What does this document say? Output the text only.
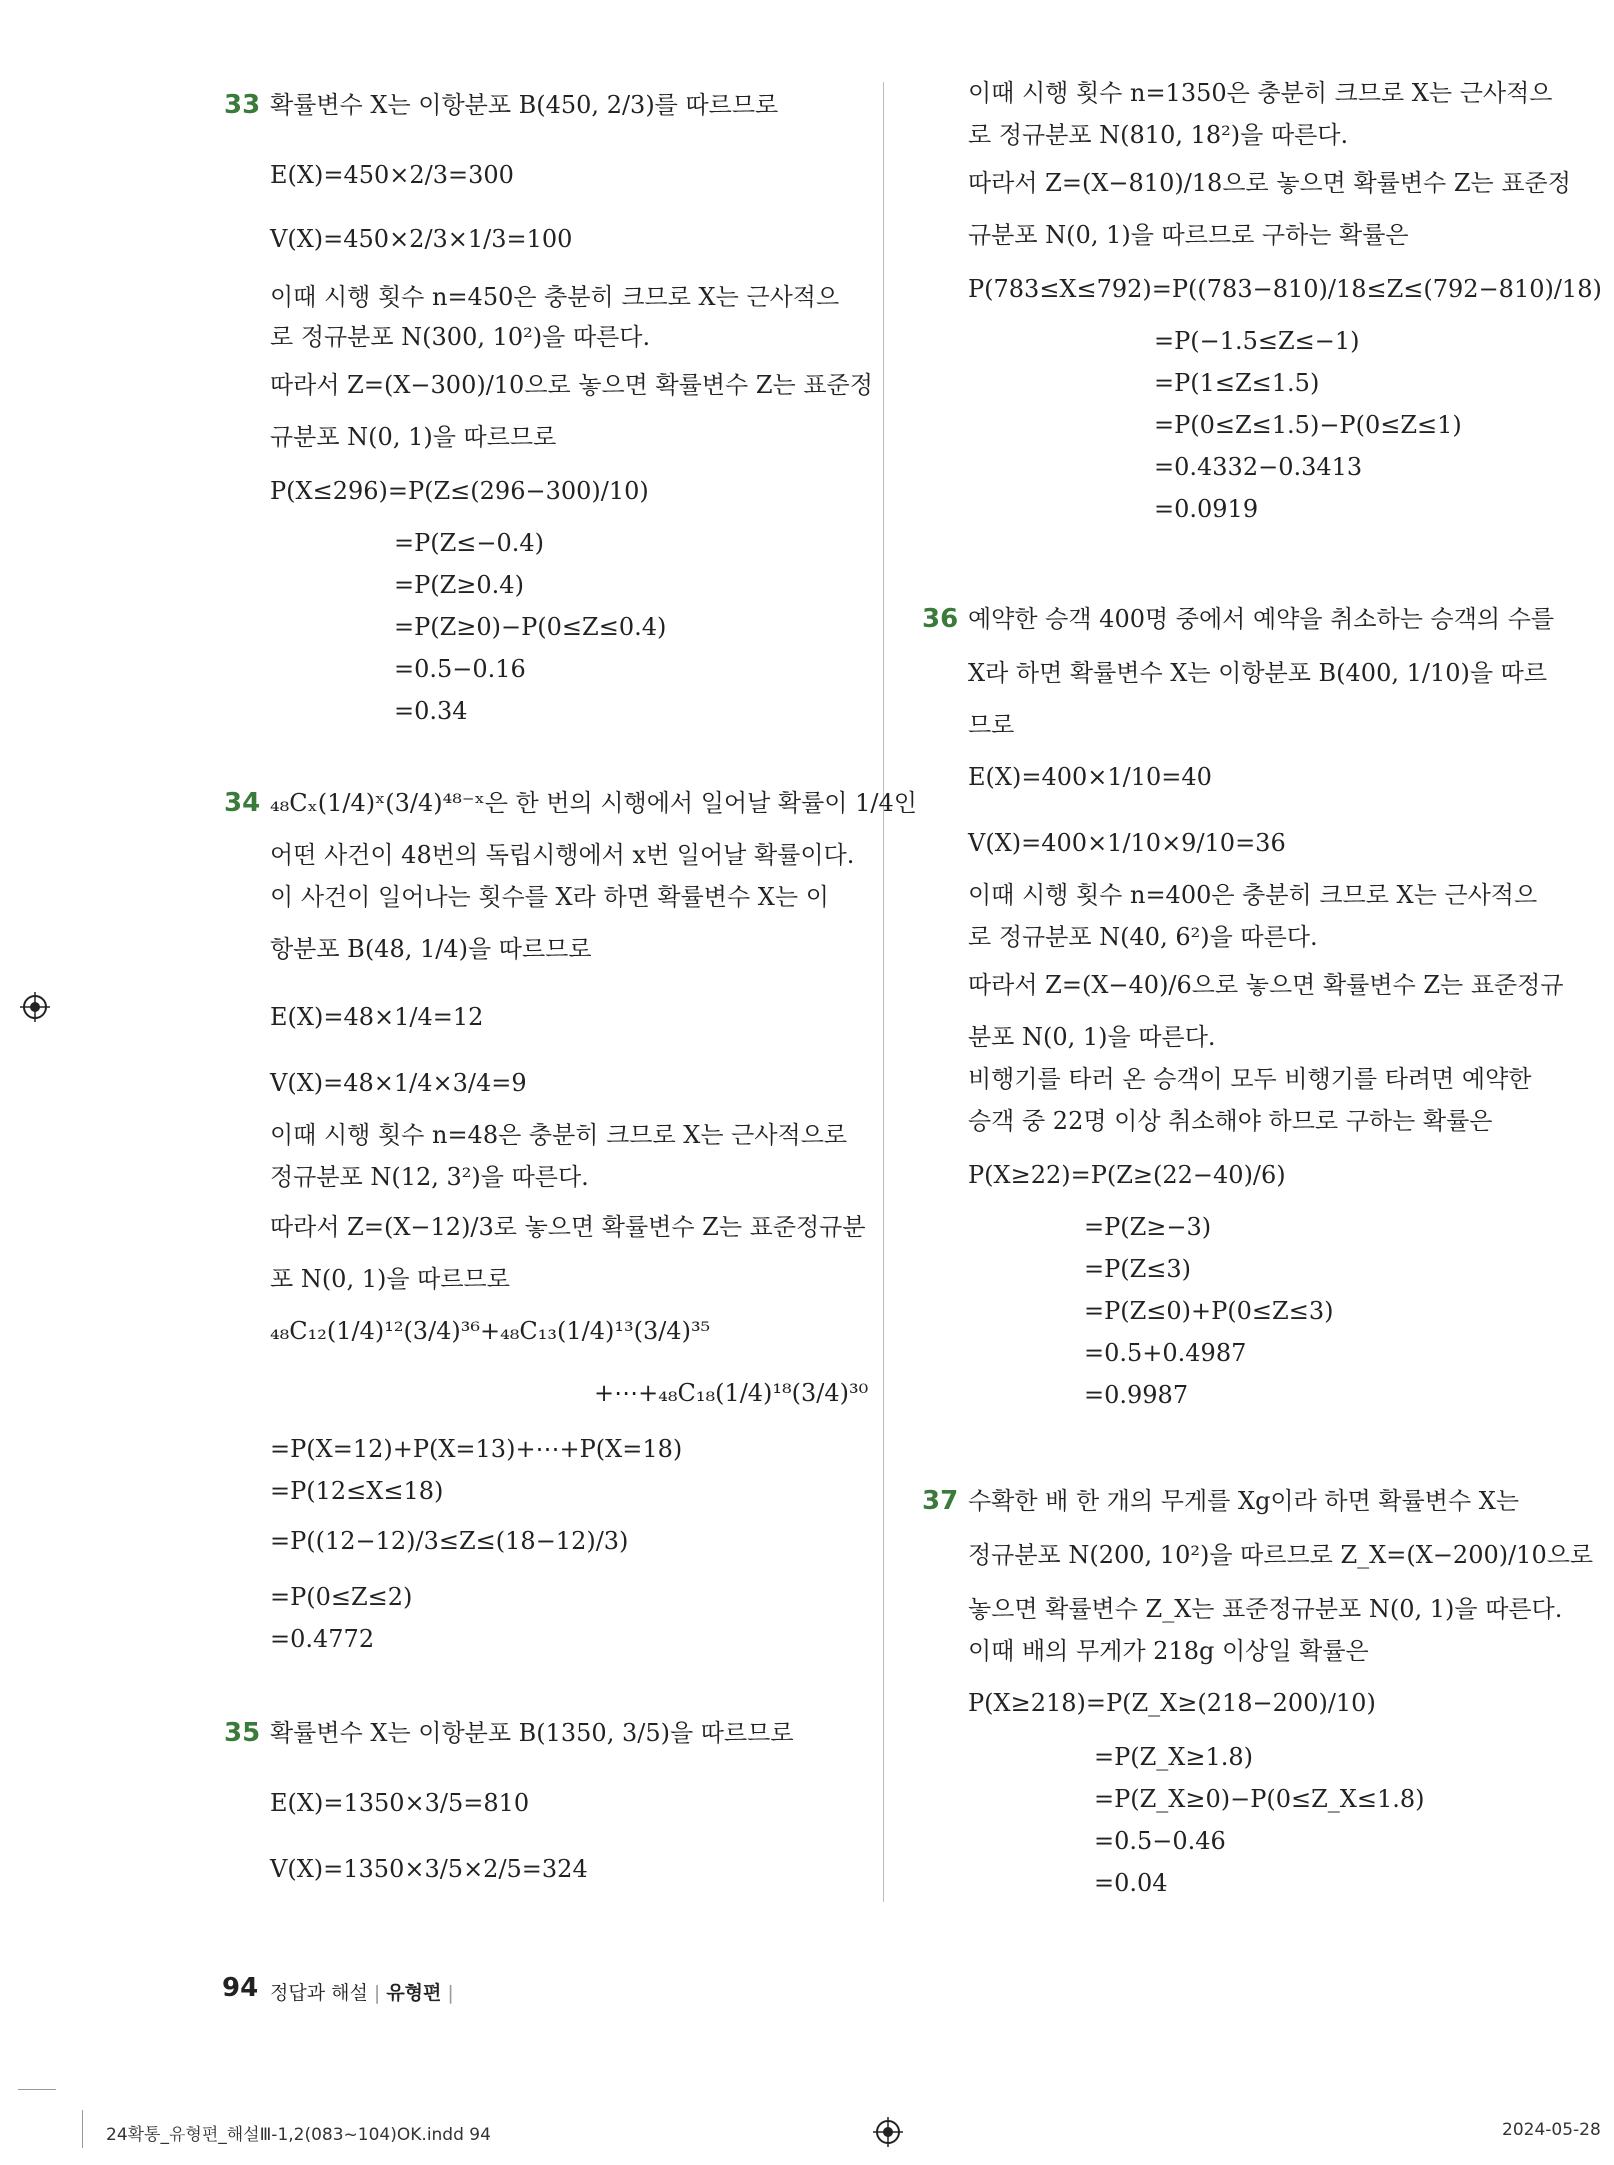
33 확률변수 X는 이항분포 B(450, 2/3)를 따르므로
E(X)=450×2/3=300
V(X)=450×2/3×1/3=100
이때 시행 횟수 n=450은 충분히 크므로 X는 근사적으
로 정규분포 N(300, 10²)을 따른다.
따라서 Z=(X−300)/10으로 놓으면 확률변수 Z는 표준정
규분포 N(0, 1)을 따르므로
P(X≤296)=P(Z≤(296−300)/10)
=P(Z≤−0.4)
=P(Z≥0.4)
=P(Z≥0)−P(0≤Z≤0.4)
=0.5−0.16
=0.34
34 ₄₈Cₓ(1/4)ˣ(3/4)⁴⁸⁻ˣ은 한 번의 시행에서 일어날 확률이 1/4인
어떤 사건이 48번의 독립시행에서 x번 일어날 확률이다.
이 사건이 일어나는 횟수를 X라 하면 확률변수 X는 이
항분포 B(48, 1/4)을 따르므로
E(X)=48×1/4=12
V(X)=48×1/4×3/4=9
이때 시행 횟수 n=48은 충분히 크므로 X는 근사적으로
정규분포 N(12, 3²)을 따른다.
따라서 Z=(X−12)/3로 놓으면 확률변수 Z는 표준정규분
포 N(0, 1)을 따르므로
₄₈C₁₂(1/4)¹²(3/4)³⁶+₄₈C₁₃(1/4)¹³(3/4)³⁵
+⋯+₄₈C₁₈(1/4)¹⁸(3/4)³⁰
=P(X=12)+P(X=13)+⋯+P(X=18)
=P(12≤X≤18)
=P((12−12)/3≤Z≤(18−12)/3)
=P(0≤Z≤2)
=0.4772
35 확률변수 X는 이항분포 B(1350, 3/5)을 따르므로
E(X)=1350×3/5=810
V(X)=1350×3/5×2/5=324
이때 시행 횟수 n=1350은 충분히 크므로 X는 근사적으
로 정규분포 N(810, 18²)을 따른다.
따라서 Z=(X−810)/18으로 놓으면 확률변수 Z는 표준정
규분포 N(0, 1)을 따르므로 구하는 확률은
P(783≤X≤792)=P((783−810)/18≤Z≤(792−810)/18)
=P(−1.5≤Z≤−1)
=P(1≤Z≤1.5)
=P(0≤Z≤1.5)−P(0≤Z≤1)
=0.4332−0.3413
=0.0919
36 예약한 승객 400명 중에서 예약을 취소하는 승객의 수를
X라 하면 확률변수 X는 이항분포 B(400, 1/10)을 따르
므로
E(X)=400×1/10=40
V(X)=400×1/10×9/10=36
이때 시행 횟수 n=400은 충분히 크므로 X는 근사적으
로 정규분포 N(40, 6²)을 따른다.
따라서 Z=(X−40)/6으로 놓으면 확률변수 Z는 표준정규
분포 N(0, 1)을 따른다.
비행기를 타러 온 승객이 모두 비행기를 타려면 예약한
승객 중 22명 이상 취소해야 하므로 구하는 확률은
P(X≥22)=P(Z≥(22−40)/6)
=P(Z≥−3)
=P(Z≤3)
=P(Z≤0)+P(0≤Z≤3)
=0.5+0.4987
=0.9987
37 수확한 배 한 개의 무게를 Xg이라 하면 확률변수 X는
정규분포 N(200, 10²)을 따르므로 Z_X=(X−200)/10으로
놓으면 확률변수 Z_X는 표준정규분포 N(0, 1)을 따른다.
이때 배의 무게가 218g 이상일 확률은
P(X≥218)=P(Z_X≥(218−200)/10)
=P(Z_X≥1.8)
=P(Z_X≥0)−P(0≤Z_X≤1.8)
=0.5−0.46
=0.04
94 정답과 해설 | 유형편 |
24확통_유형편_해설Ⅲ-1,2(083~104)OK.indd 94	2024-05-28
